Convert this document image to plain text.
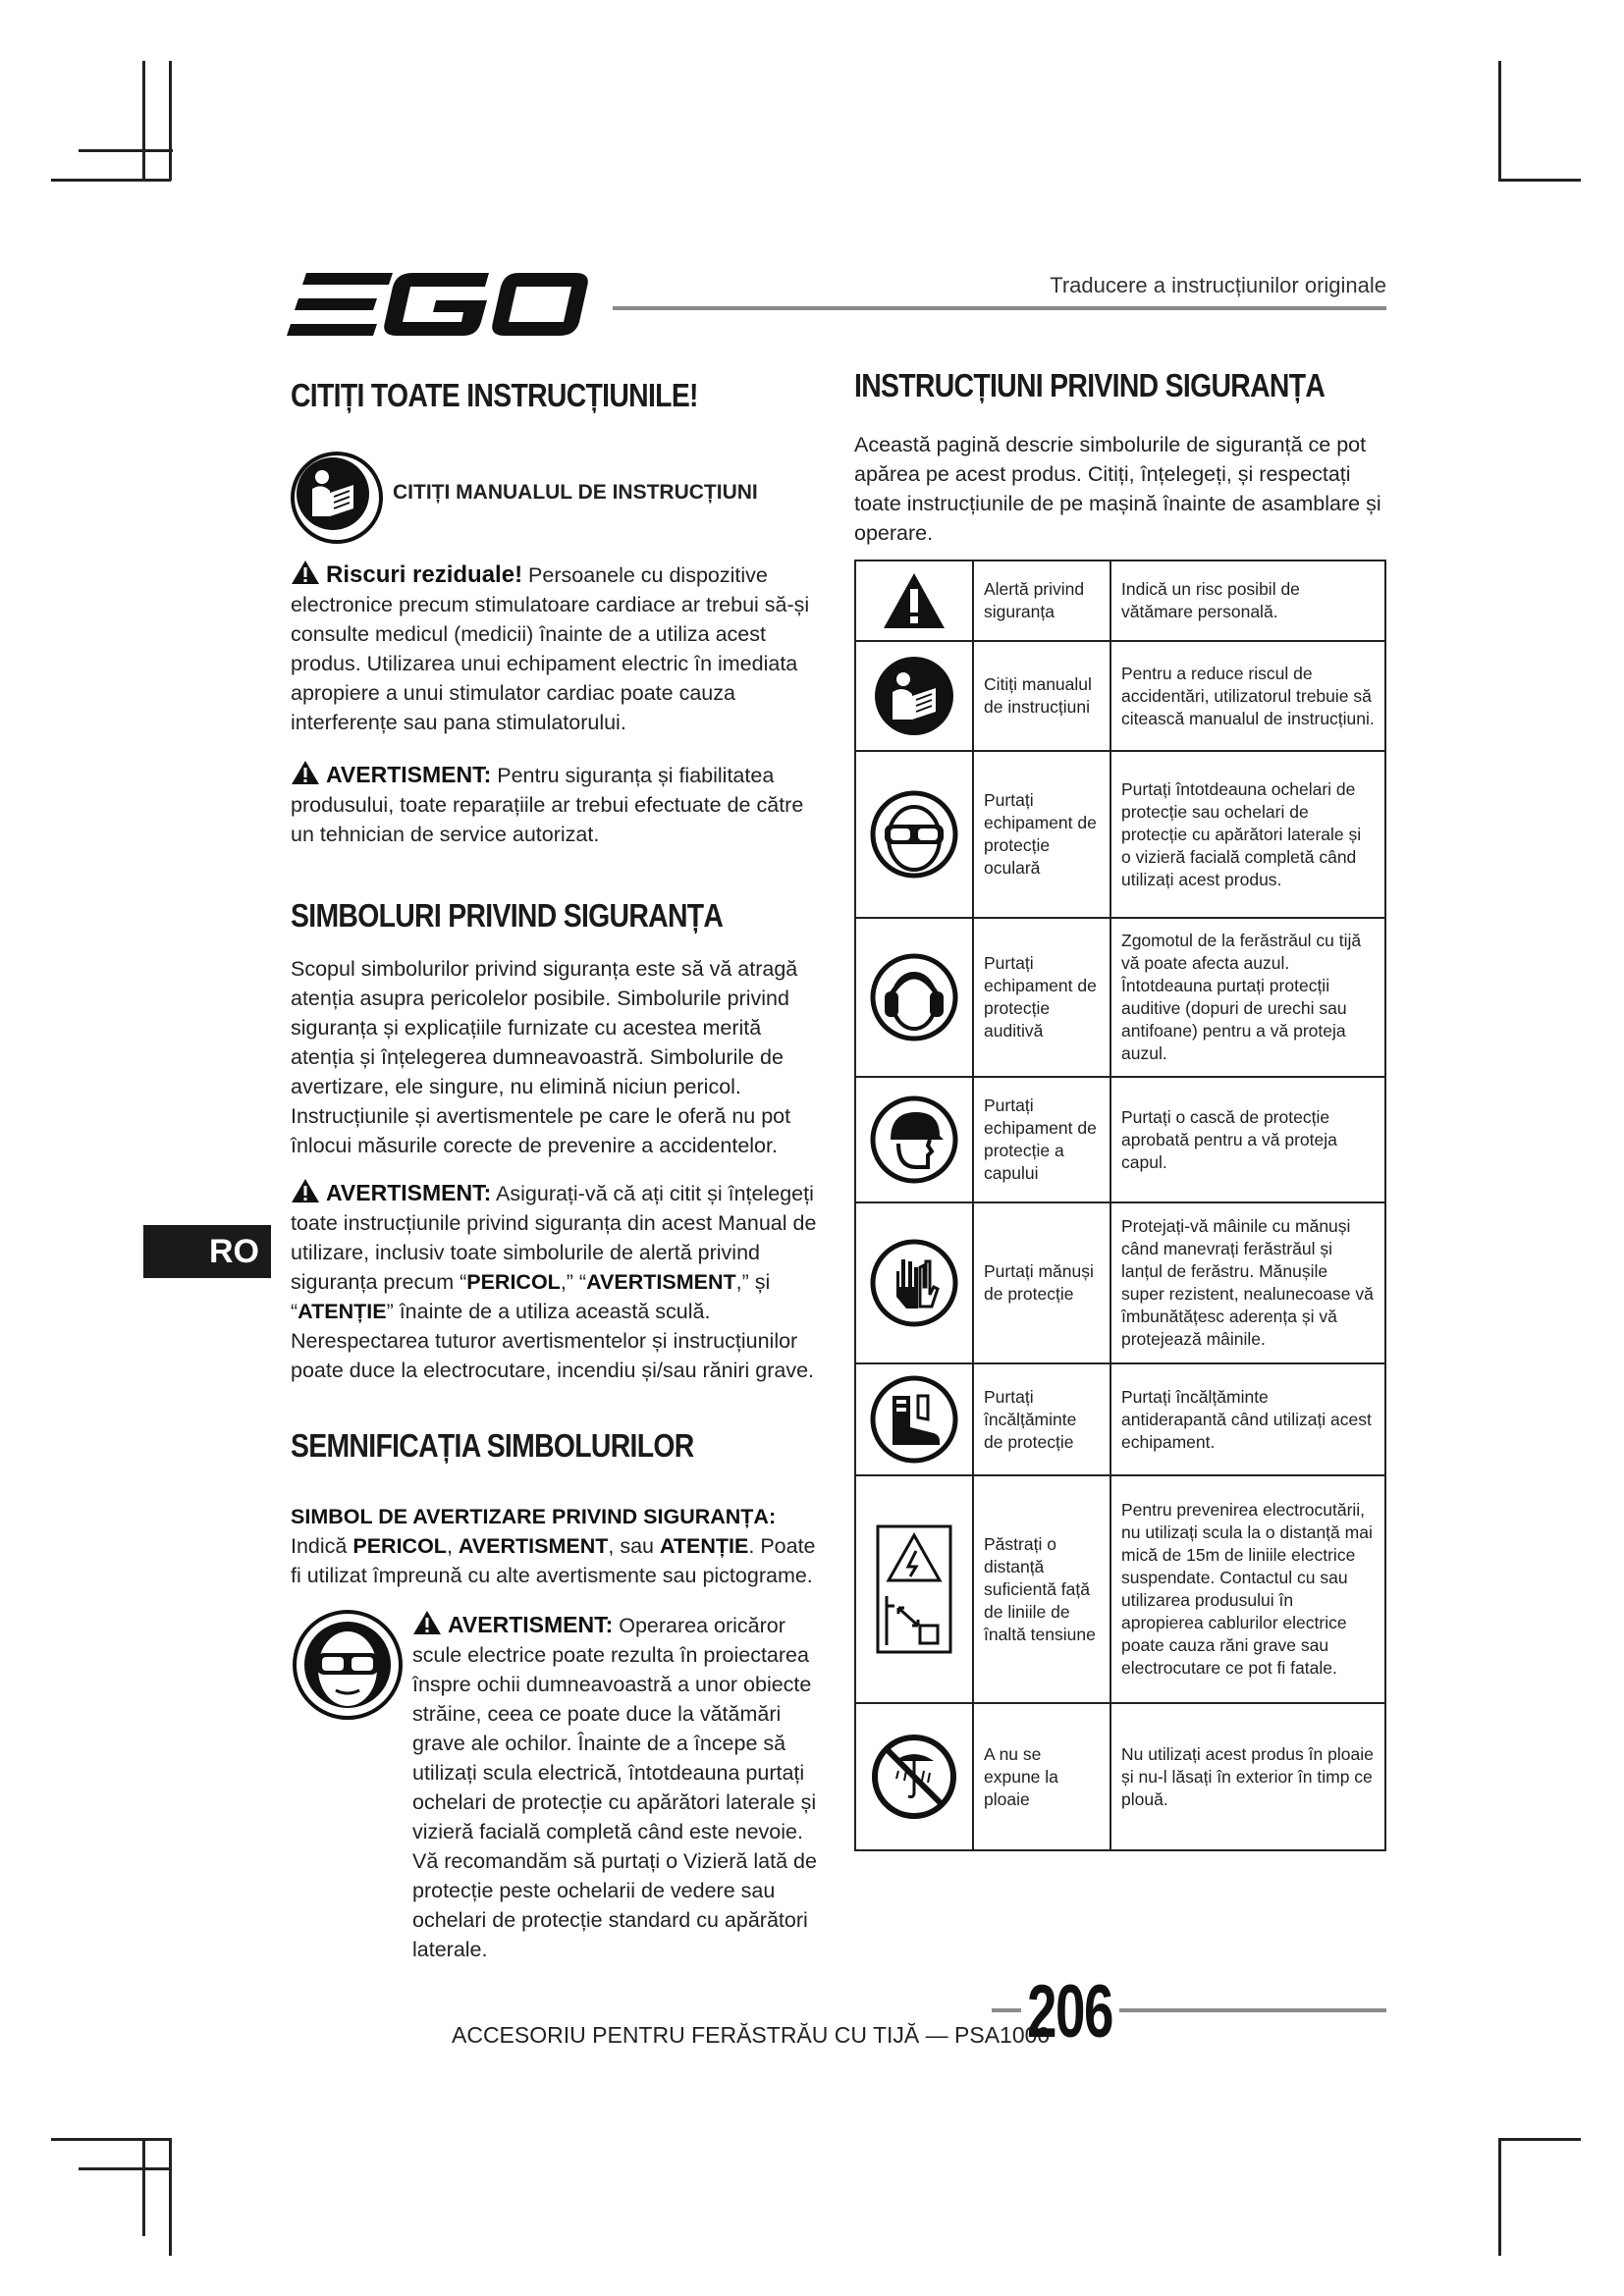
EGO
Traducere a instrucțiunilor originale
CITIȚI TOATE INSTRUCȚIUNILE!
CITIȚI MANUALUL DE INSTRUCȚIUNI
Riscuri reziduale! Persoanele cu dispozitive electronice precum stimulatoare cardiace ar trebui să-și consulte medicul (medicii) înainte de a utiliza acest produs. Utilizarea unui echipament electric în imediata apropiere a unui stimulator cardiac poate cauza interferențe sau pana stimulatorului.
AVERTISMENT: Pentru siguranța și fiabilitatea produsului, toate reparațiile ar trebui efectuate de către un tehnician de service autorizat.
SIMBOLURI PRIVIND SIGURANȚA
Scopul simbolurilor privind siguranța este să vă atragă atenția asupra pericolelor posibile. Simbolurile privind siguranța și explicațiile furnizate cu acestea merită atenția și înțelegerea dumneavoastră. Simbolurile de avertizare, ele singure, nu elimină niciun pericol. Instrucțiunile și avertismentele pe care le oferă nu pot înlocui măsurile corecte de prevenire a accidentelor.
AVERTISMENT: Asigurați-vă că ați citit și înțelegeți toate instrucțiunile privind siguranța din acest Manual de utilizare, inclusiv toate simbolurile de alertă privind siguranța precum “PERICOL,” “AVERTISMENT,” și “ATENȚIE” înainte de a utiliza această sculă. Nerespectarea tuturor avertismentelor și instrucțiunilor poate duce la electrocutare, incendiu și/sau răniri grave.
RO
SEMNIFICAȚIA SIMBOLURILOR
SIMBOL DE AVERTIZARE PRIVIND SIGURANȚA: Indică PERICOL, AVERTISMENT, sau ATENȚIE. Poate fi utilizat împreună cu alte avertismente sau pictograme.
AVERTISMENT: Operarea oricăror scule electrice poate rezulta în proiectarea înspre ochii dumneavoastră a unor obiecte străine, ceea ce poate duce la vătămări grave ale ochilor. Înainte de a începe să utilizați scula electrică, întotdeauna purtați ochelari de protecție cu apărători laterale și vizieră facială completă când este nevoie. Vă recomandăm să purtați o Vizieră lată de protecție peste ochelarii de vedere sau ochelari de protecție standard cu apărători laterale.
INSTRUCȚIUNI PRIVIND SIGURANȚA
Această pagină descrie simbolurile de siguranță ce pot apărea pe acest produs. Citiți, înțelegeți, și respectați toate instrucțiunile de pe mașină înainte de asamblare și operare.
	Alertă privind siguranța	Indică un risc posibil de vătămare personală.

	Citiți manualul de instrucțiuni	Pentru a reduce riscul de accidentări, utilizatorul trebuie să citească manualul de instrucțiuni.

	Purtați echipament de protecție oculară	Purtați întotdeauna ochelari de protecție sau ochelari de protecție cu apărători laterale și o vizieră facială completă când utilizați acest produs.

	Purtați echipament de protecție auditivă	Zgomotul de la ferăstrăul cu tijă vă poate afecta auzul. Întotdeauna purtați protecții auditive (dopuri de urechi sau antifoane) pentru a vă proteja auzul.

	Purtați echipament de protecție a capului	Purtați o cască de protecție aprobată pentru a vă proteja capul.

	Purtați mănuși de protecție	Protejați-vă mâinile cu mănuși când manevrați ferăstrăul și lanțul de ferăstru. Mănușile super rezistent, nealunecoase vă îmbunătățesc aderența și vă protejează mâinile.

	Purtați încălțăminte de protecție	Purtați încălțăminte antiderapantă când utilizați acest echipament.

	Păstrați o distanță suficientă față de liniile de înaltă tensiune	Pentru prevenirea electrocutării, nu utilizați scula la o distanță mai mică de 15m de liniile electrice suspendate. Contactul cu sau utilizarea produsului în apropierea cablurilor electrice poate cauza răni grave sau electrocutare ce pot fi fatale.

	A nu se expune la ploaie	Nu utilizați acest produs în ploaie și nu-l lăsați în exterior în timp ce plouă.
ACCESORIU PENTRU FERĂSTRĂU CU TIJĂ — PSA1000
206
